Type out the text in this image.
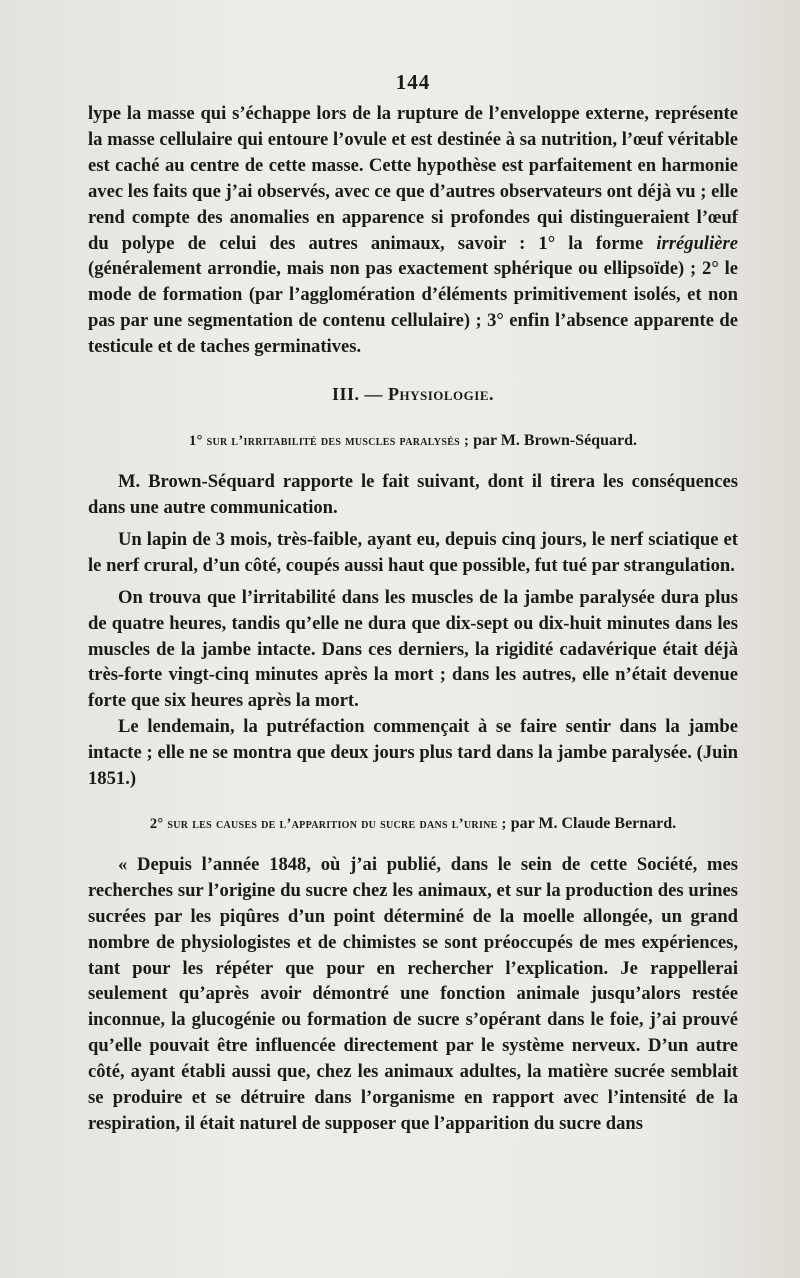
144

lype la masse qui s’échappe lors de la rupture de l’enveloppe externe, représente la masse cellulaire qui entoure l’ovule et est destinée à sa nutrition, l’œuf véritable est caché au centre de cette masse. Cette hypothèse est parfaitement en harmonie avec les faits que j’ai observés, avec ce que d’autres observateurs ont déjà vu ; elle rend compte des anomalies en apparence si profondes qui distingueraient l’œuf du polype de celui des autres animaux, savoir : 1° la forme irrégulière (généralement arrondie, mais non pas exactement sphérique ou ellipsoïde) ; 2° le mode de formation (par l’agglomération d’éléments primitivement isolés, et non pas par une segmentation de contenu cellulaire) ; 3° enfin l’absence apparente de testicule et de taches germinatives.

III. — Physiologie.
1° sur l’irritabilité des muscles paralysés ; par M. Brown-Séquard.

M. Brown-Séquard rapporte le fait suivant, dont il tirera les conséquences dans une autre communication.

Un lapin de 3 mois, très-faible, ayant eu, depuis cinq jours, le nerf sciatique et le nerf crural, d’un côté, coupés aussi haut que possible, fut tué par strangulation.

On trouva que l’irritabilité dans les muscles de la jambe paralysée dura plus de quatre heures, tandis qu’elle ne dura que dix-sept ou dix-huit minutes dans les muscles de la jambe intacte. Dans ces derniers, la rigidité cadavérique était déjà très-forte vingt-cinq minutes après la mort ; dans les autres, elle n’était devenue forte que six heures après la mort.

Le lendemain, la putréfaction commençait à se faire sentir dans la jambe intacte ; elle ne se montra que deux jours plus tard dans la jambe paralysée. (Juin 1851.)

2° sur les causes de l’apparition du sucre dans l’urine ; par M. Claude Bernard.

« Depuis l’année 1848, où j’ai publié, dans le sein de cette Société, mes recherches sur l’origine du sucre chez les animaux, et sur la production des urines sucrées par les piqûres d’un point déterminé de la moelle allongée, un grand nombre de physiologistes et de chimistes se sont préoccupés de mes expériences, tant pour les répéter que pour en rechercher l’explication. Je rappellerai seulement qu’après avoir démontré une fonction animale jusqu’alors restée inconnue, la glucogénie ou formation de sucre s’opérant dans le foie, j’ai prouvé qu’elle pouvait être influencée directement par le système nerveux. D’un autre côté, ayant établi aussi que, chez les animaux adultes, la matière sucrée semblait se produire et se détruire dans l’organisme en rapport avec l’intensité de la respiration, il était naturel de supposer que l’apparition du sucre dans
